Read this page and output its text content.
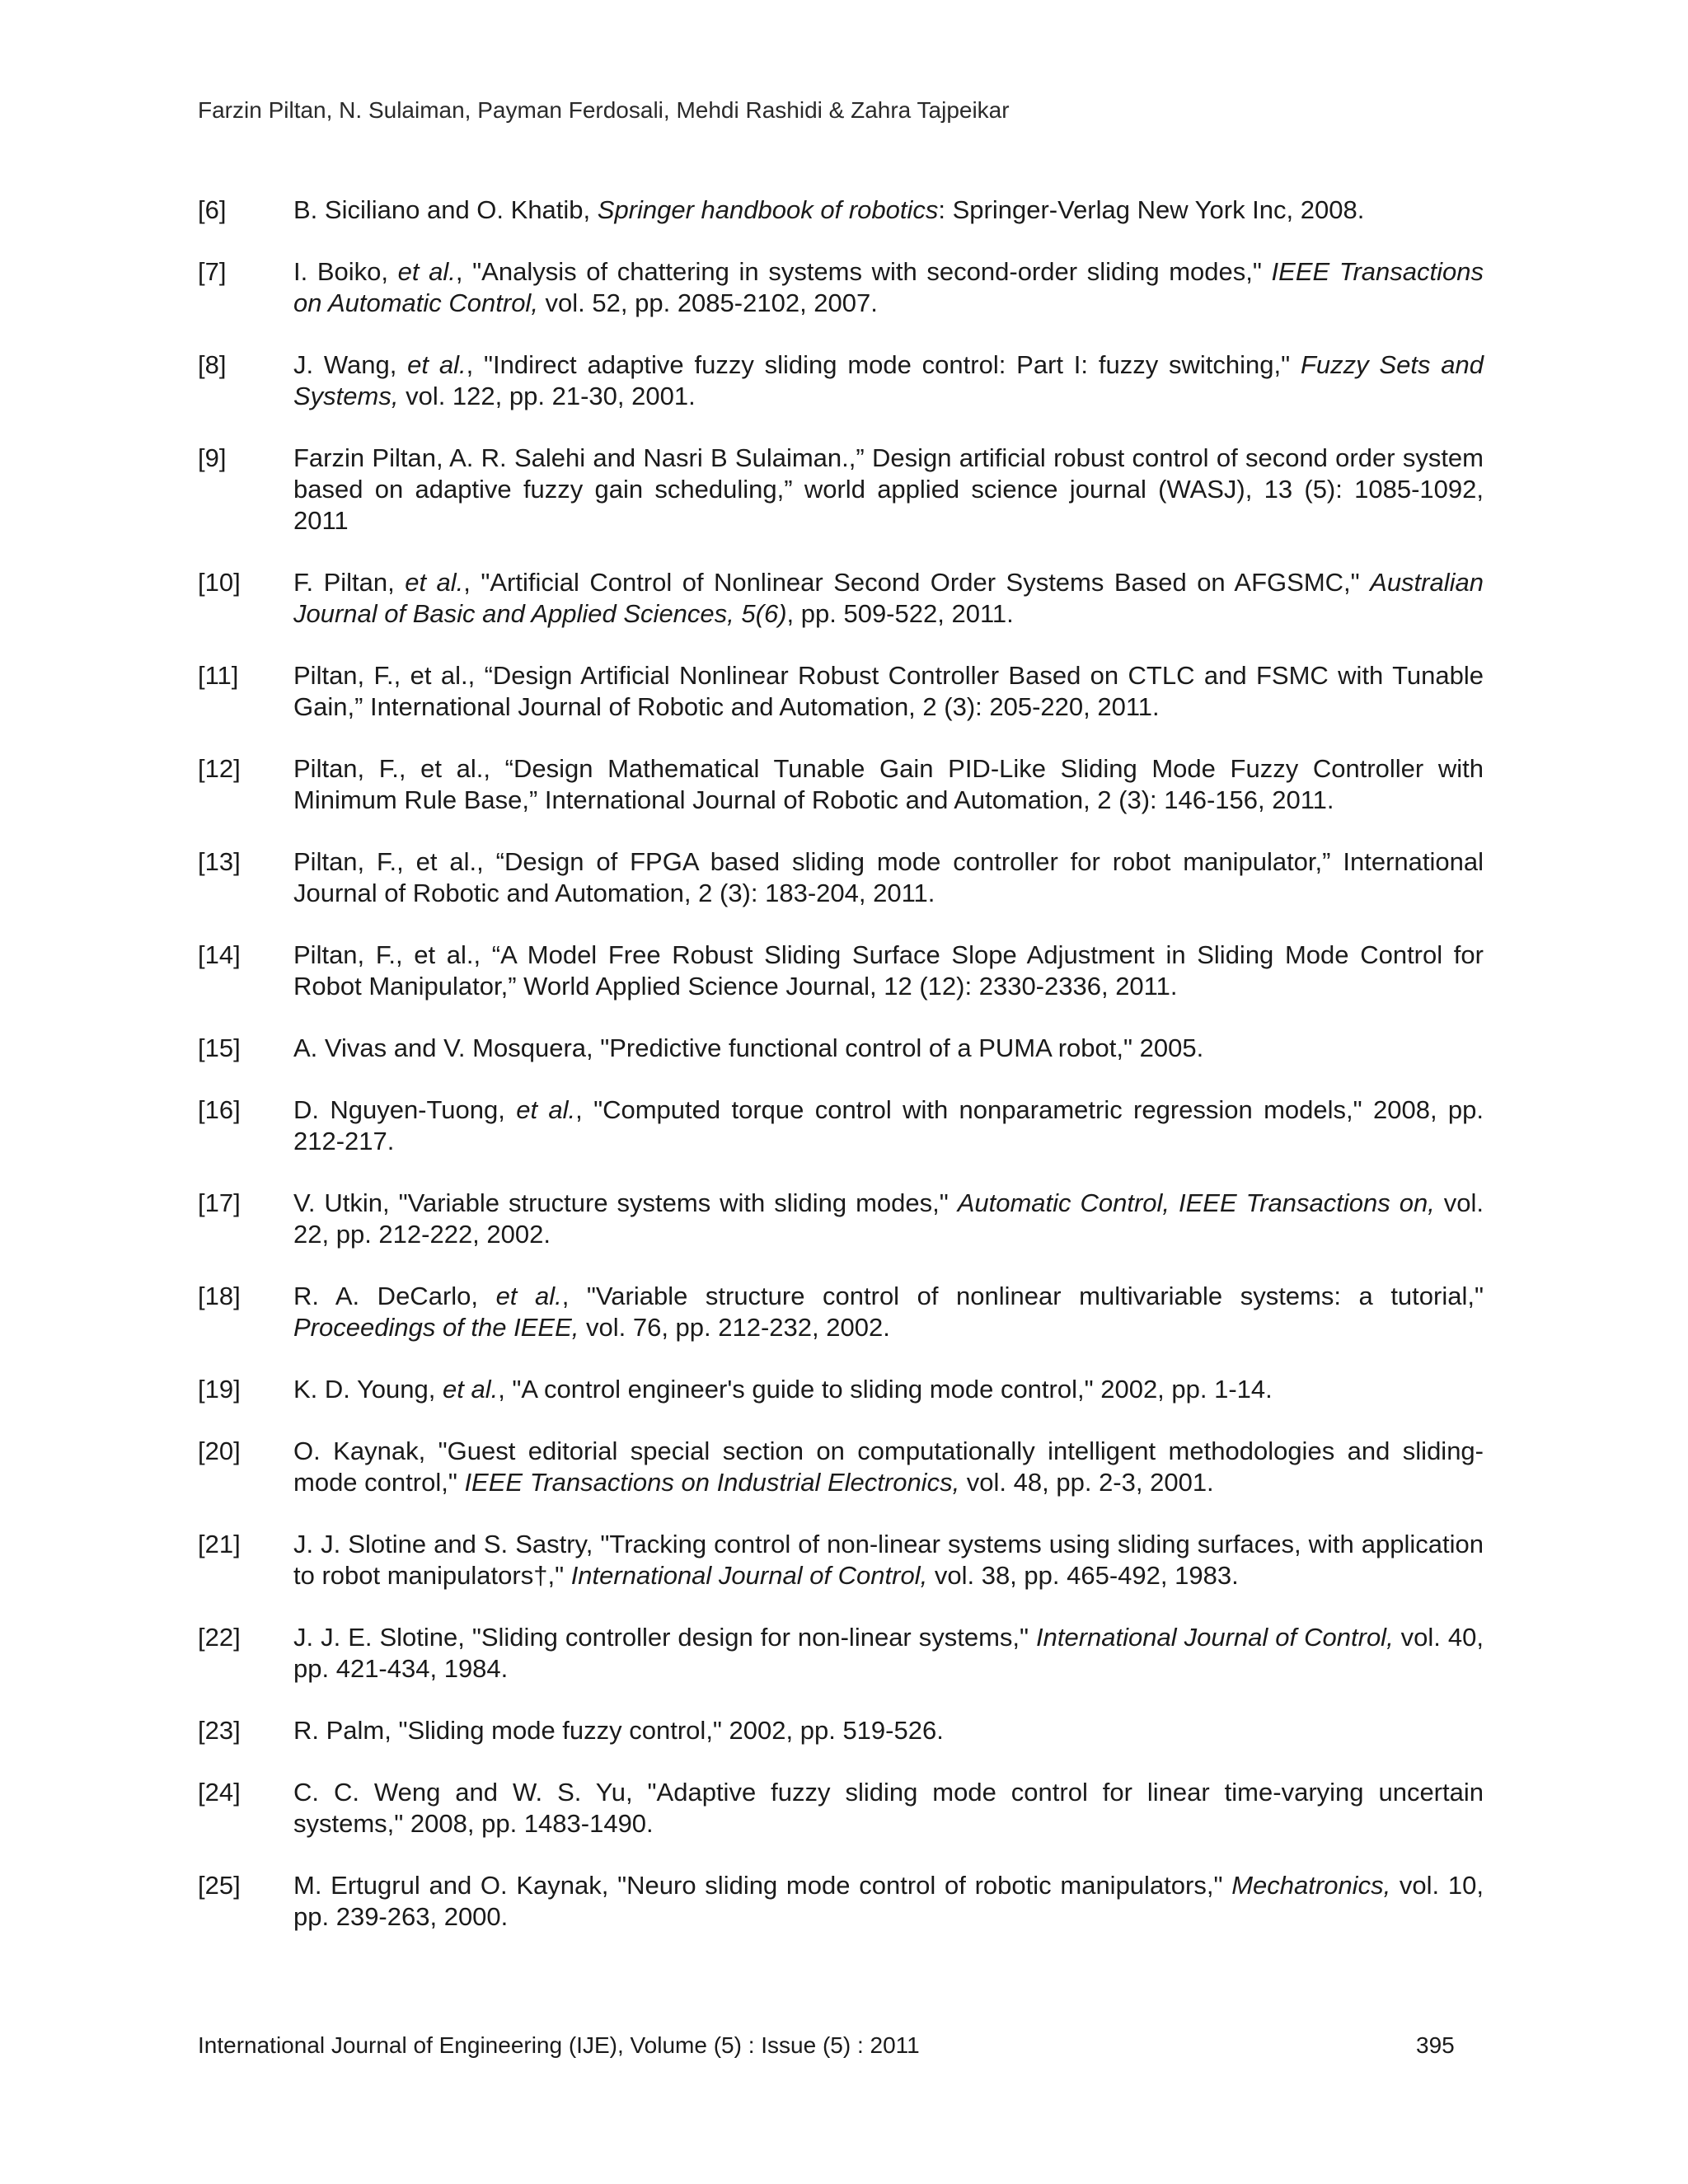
Farzin Piltan, N. Sulaiman, Payman Ferdosali, Mehdi Rashidi & Zahra Tajpeikar
[6]	B. Siciliano and O. Khatib, Springer handbook of robotics: Springer-Verlag New York Inc, 2008.
[7]	I. Boiko, et al., "Analysis of chattering in systems with second-order sliding modes," IEEE Transactions on Automatic Control, vol. 52, pp. 2085-2102, 2007.
[8]	J. Wang, et al., "Indirect adaptive fuzzy sliding mode control: Part I: fuzzy switching," Fuzzy Sets and Systems, vol. 122, pp. 21-30, 2001.
[9]	Farzin Piltan, A. R. Salehi and Nasri B Sulaiman.,” Design artificial robust control of second order system based on adaptive fuzzy gain scheduling,” world applied science journal (WASJ), 13 (5): 1085-1092, 2011
[10]	F. Piltan, et al., "Artificial Control of Nonlinear Second Order Systems Based on AFGSMC," Australian Journal of Basic and Applied Sciences, 5(6), pp. 509-522, 2011.
[11]	Piltan, F., et al., “Design Artificial Nonlinear Robust Controller Based on CTLC and FSMC with Tunable Gain,” International Journal of Robotic and Automation, 2 (3): 205-220, 2011.
[12]	Piltan, F., et al., “Design Mathematical Tunable Gain PID-Like Sliding Mode Fuzzy Controller with Minimum Rule Base,” International Journal of Robotic and Automation, 2 (3): 146-156, 2011.
[13]	Piltan, F., et al., “Design of FPGA based sliding mode controller for robot manipulator,” International Journal of Robotic and Automation, 2 (3): 183-204, 2011.
[14]	Piltan, F., et al., “A Model Free Robust Sliding Surface Slope Adjustment in Sliding Mode Control for Robot Manipulator,” World Applied Science Journal, 12 (12): 2330-2336, 2011.
[15]	A. Vivas and V. Mosquera, "Predictive functional control of a PUMA robot," 2005.
[16]	D. Nguyen-Tuong, et al., "Computed torque control with nonparametric regression models," 2008, pp. 212-217.
[17]	V. Utkin, "Variable structure systems with sliding modes," Automatic Control, IEEE Transactions on, vol. 22, pp. 212-222, 2002.
[18]	R. A. DeCarlo, et al., "Variable structure control of nonlinear multivariable systems: a tutorial," Proceedings of the IEEE, vol. 76, pp. 212-232, 2002.
[19]	K. D. Young, et al., "A control engineer's guide to sliding mode control," 2002, pp. 1-14.
[20]	O. Kaynak, "Guest editorial special section on computationally intelligent methodologies and sliding-mode control," IEEE Transactions on Industrial Electronics, vol. 48, pp. 2-3, 2001.
[21]	J. J. Slotine and S. Sastry, "Tracking control of non-linear systems using sliding surfaces, with application to robot manipulators†," International Journal of Control, vol. 38, pp. 465-492, 1983.
[22]	J. J. E. Slotine, "Sliding controller design for non-linear systems," International Journal of Control, vol. 40, pp. 421-434, 1984.
[23]	R. Palm, "Sliding mode fuzzy control," 2002, pp. 519-526.
[24]	C. C. Weng and W. S. Yu, "Adaptive fuzzy sliding mode control for linear time-varying uncertain systems," 2008, pp. 1483-1490.
[25]	M. Ertugrul and O. Kaynak, "Neuro sliding mode control of robotic manipulators," Mechatronics, vol. 10, pp. 239-263, 2000.
International Journal of Engineering (IJE), Volume (5) : Issue (5) : 2011	395
